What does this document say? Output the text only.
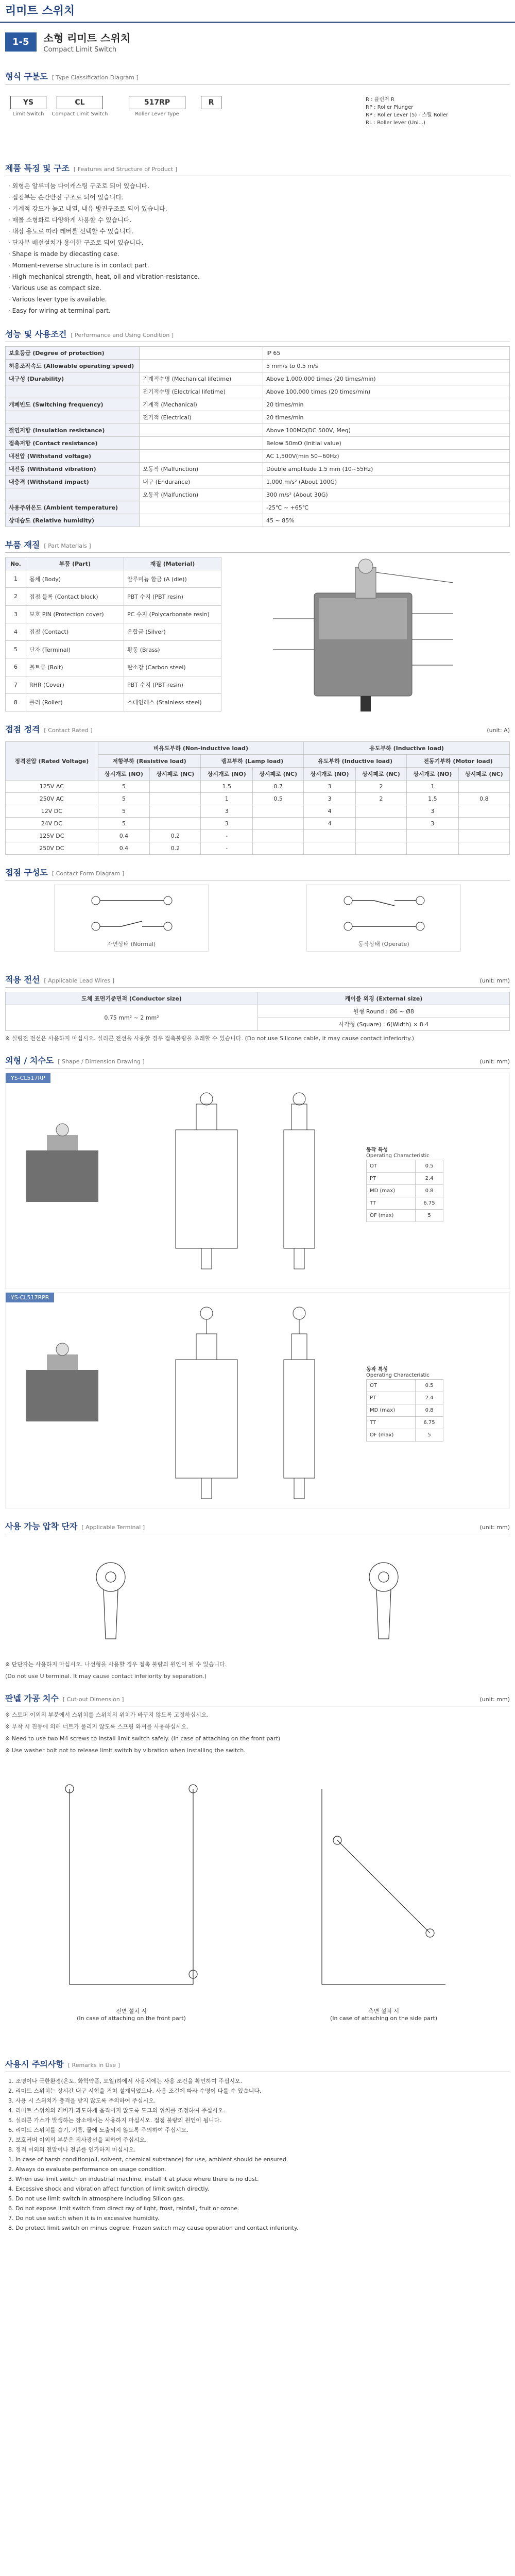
리미트 스위치
1-5	소형 리미트 스위치
Compact Limit Switch
형식 구분도 [ Type Classification Diagram ]
YS	CL	517RP	R
Limit Switch	Compact Limit Switch	Roller Lever Type
R : 플런저 R
RP : Roller Plunger
RP : Roller Lever (5) - 스틸 Roller
RL : Roller lever (Uni...)
제품 특징 및 구조 [ Features and Structure of Product ]
· 외형은 알루미늄 다이캐스팅 구조로 되어 있습니다.
· 접점부는 순간반전 구조로 되어 있습니다.
· 기계적 강도가 높고 내열, 내유 방진구조로 되어 있습니다.
· 매몰 소형화로 다양하게 사용할 수 있습니다.
· 내장 용도로 따라 레버를 선택할 수 있습니다.
· 단자부 배선설치가 용이한 구조로 되어 있습니다.
· Shape is made by diecasting case.
· Moment-reverse structure is in contact part.
· High mechanical strength, heat, oil and vibration-resistance.
· Various use as compact size.
· Various lever type is available.
· Easy for wiring at terminal part.
성능 및 사용조건 [ Performance and Using Condition ]
보호등급 (Degree of protection)		IP 65
허용조작속도 (Allowable operating speed)		5 mm/s to 0.5 m/s
내구성 (Durability)	기계적수명 (Mechanical lifetime)	Above 1,000,000 times (20 times/min)
	전기적수명 (Electrical lifetime)	Above 100,000 times (20 times/min)
개폐빈도 (Switching frequency)	기계적 (Mechanical)	20 times/min
	전기적 (Electrical)	20 times/min
절연저항 (Insulation resistance)		Above 100MΩ(DC 500V, Meg)
접촉저항 (Contact resistance)		Below 50mΩ (Initial value)
내전압 (Withstand voltage)		AC 1,500V(min 50~60Hz)
내진동 (Withstand vibration)	오동작 (Malfunction)	Double amplitude 1.5 mm (10~55Hz)
내충격 (Withstand impact)	내구 (Endurance)	1,000 m/s² (About 100G)
	오동작 (Malfunction)	300 m/s² (About 30G)
사용주위온도 (Ambient temperature)		-25℃ ~ +65℃
상대습도 (Relative humidity)		45 ~ 85%
부품 재질 [ Part Materials ]
No.	부품 (Part)	재질 (Material)
1	몸체 (Body)	알루미늄 합금 (A (die))
2	접점 블록 (Contact block)	PBT 수지 (PBT resin)
3	보호 PIN (Protection cover)	PC 수지 (Polycarbonate resin)
4	접점 (Contact)	은합금 (Silver)
5	단자 (Terminal)	황동 (Brass)
6	볼트류 (Bolt)	탄소강 (Carbon steel)
7	RHR (Cover)	PBT 수지 (PBT resin)
8	롤러 (Roller)	스테인레스 (Stainless steel)
접점 정격 [ Contact Rated ]	(unit: A)
정격전압 (Rated Voltage)	비유도부하 (Non-inductive load)				유도부하 (Inductive load)			
	저항부하 (Resistive load)		램프부하 (Lamp load)		유도부하 (Inductive load)		전동기부하 (Motor load)	
	상시개로 (NO)	상시폐로 (NC)	상시개로 (NO)	상시폐로 (NC)	상시개로 (NO)	상시폐로 (NC)	상시개로 (NO)	상시폐로 (NC)
125V AC	5		1.5	0.7	3	2	1	
250V AC	5		1	0.5	3	2	1.5	0.8
12V DC	5		3		4		3	
24V DC	5		3		4		3	
125V DC	0.4	0.2	-					
250V DC	0.4	0.2	-					
접점 구성도 [ Contact Form Diagram ]
자연상태 (Normal)	동작상태 (Operate)
적용 전선 [ Applicable Lead Wires ]	(unit: mm)
도체 표면기준면적 (Conductor size)	케이블 외경 (External size)
0.75 mm² ~ 2 mm²	원형 Round : Ø6 ~ Ø8
	사각형 (Square) : 6(Width) × 8.4
※ 실링전 전선은 사용하지 마십시오. 실리콘 전선을 사용할 경우 접촉불량을 초래할 수 있습니다. (Do not use Silicone cable, it may cause contact inferiority.)
외형 / 치수도 [ Shape / Dimension Drawing ]	(unit: mm)
YS-CL517RP
동작 특성
Operating Characteristic
OT	0.5
PT	2.4
MD (max)	0.8
TT	6.75
OF (max)	5
YS-CL517RPR
동작 특성
Operating Characteristic
OT	0.5
PT	2.4
MD (max)	0.8
TT	6.75
OF (max)	5
사용 가능 압착 단자 [ Applicable Terminal ]	(unit: mm)
※ 단단자는 사용하지 마십시오. 나선형을 사용할 경우 접촉 불량의 원인이 될 수 있습니다.
(Do not use U terminal. It may cause contact inferiority by separation.)
판넬 가공 치수 [ Cut-out Dimension ]	(unit: mm)
※ 스토퍼 이외의 부분에서 스위치를 스위치의 위치가 바꾸지 않도록 고정하십시오.
※ 부착 시 진동에 의해 너트가 풀리지 않도록 스프링 와셔를 사용하십시오.
※ Need to use two M4 screws to install limit switch safely. (In case of attaching on the front part)
※ Use washer bolt not to release limit switch by vibration when installing the switch.
전면 설치 시
(In case of attaching on the front part)
측면 설치 시
(In case of attaching on the side part)
사용시 주의사항 [ Remarks in Use ]
1. 조명이나 극한환경(온도, 화학약품, 오일)하에서 사용시에는 사용 조건을 확인하여 주십시오.
2. 리미트 스위치는 장시간 내구 시험을 거쳐 설계되었으나, 사용 조건에 따라 수명이 다를 수 있습니다.
3. 사용 시 스위치가 충격을 받지 않도록 주의하여 주십시오.
4. 리미트 스위치의 레버가 과도하게 움직이지 않도록 도그의 위치를 조정하여 주십시오.
5. 실리콘 가스가 발생하는 장소에서는 사용하지 마십시오. 접점 불량의 원인이 됩니다.
6. 리미트 스위치를 습기, 기름, 물에 노출되지 않도록 주의하여 주십시오.
7. 보호커버 이외의 부분은 직사광선을 피하여 주십시오.
8. 정격 이외의 전압이나 전류를 인가하지 마십시오.
1. In case of harsh condition(oil, solvent, chemical substance) for use, ambient should be ensured.
2. Always do evaluate performance on usage condition.
3. When use limit switch on industrial machine, install it at place where there is no dust.
4. Excessive shock and vibration affect function of limit switch directly.
5. Do not use limit switch in atmosphere including Silicon gas.
6. Do not expose limit switch from direct ray of light, frost, rainfall, fruit or ozone.
7. Do not use switch when it is in excessive humidity.
8. Do protect limit switch on minus degree. Frozen switch may cause operation and contact inferiority.
